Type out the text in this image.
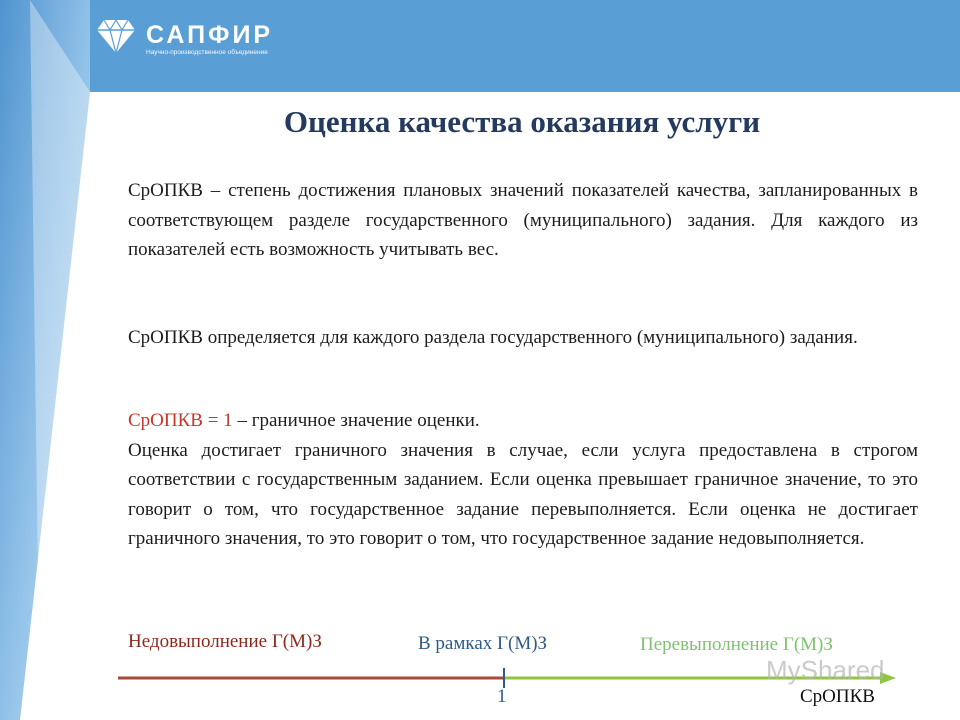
САПФИР
Научно-производственное объединение
Оценка качества оказания услуги

СрОПКВ – степень достижения плановых значений показателей качества, запланированных в соответствующем разделе государственного (муниципального) задания. Для каждого из показателей есть возможность учитывать вес.

СрОПКВ определяется для каждого раздела государственного (муниципального) задания.

СрОПКВ = 1 – граничное значение оценки.

Оценка достигает граничного значения в случае, если услуга предоставлена в строгом соответствии с государственным заданием. Если оценка превышает граничное значение, то это говорит о том, что государственное задание перевыполняется. Если оценка не достигает граничного значения, то это говорит о том, что государственное задание недовыполняется.

Недовыполнение Г(М)З	В рамках Г(М)З	Перевыполнение Г(М)З
1	СрОПКВ
MyShared
